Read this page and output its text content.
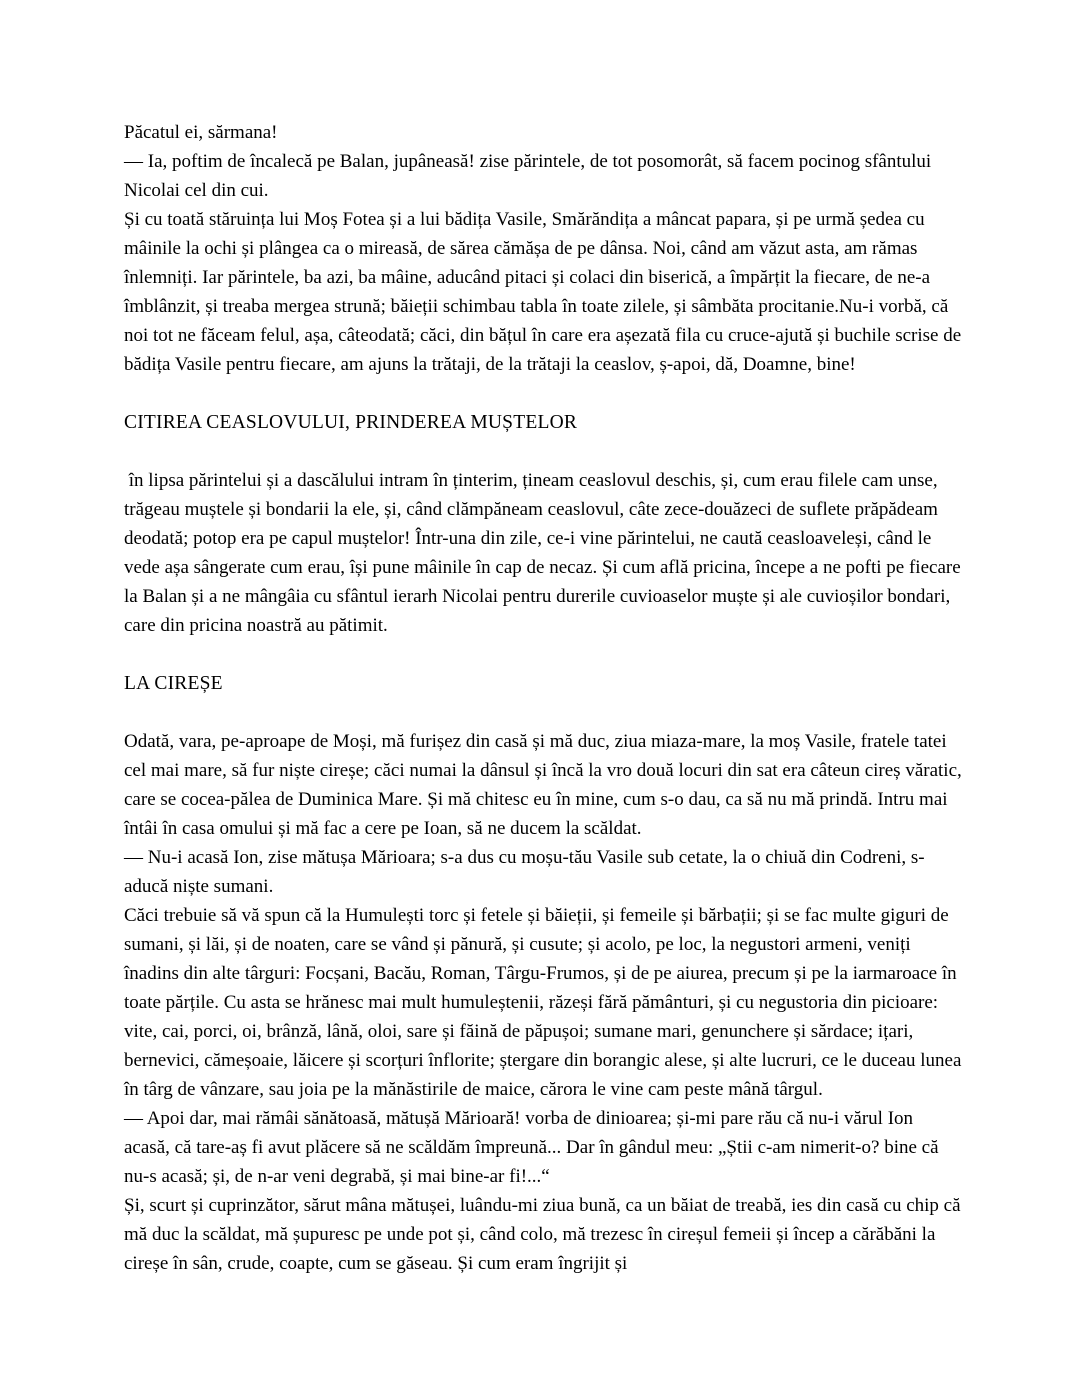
Păcatul ei, sărmana!

— Ia, poftim de încalecă pe Balan, jupâneasă! zise părintele, de tot posomorât, să facem pocinog sfântului Nicolai cel din cui.

Și cu toată stăruința lui Moș Fotea și a lui bădița Vasile, Smărăndița a mâncat papara, și pe urmă ședea cu mâinile la ochi și plângea ca o mireasă, de sărea cămășa de pe dânsa. Noi, când am văzut asta, am rămas înlemniți. Iar părintele, ba azi, ba mâine, aducând pitaci și colaci din biserică, a împărțit la fiecare, de ne-a îmblânzit, și treaba mergea strună; băieții schimbau tabla în toate zilele, și sâmbăta procitanie.Nu-i vorbă, că noi tot ne făceam felul, așa, câteodată; căci, din bățul în care era așezată fila cu cruce-ajută și buchile scrise de bădița Vasile pentru fiecare, am ajuns la trătaji, de la trătaji la ceaslov, ș-apoi, dă, Doamne, bine!

CITIREA CEASLOVULUI, PRINDEREA MUȘTELOR

în lipsa părintelui și a dascălului intram în ținterim, țineam ceaslovul deschis, și, cum erau filele cam unse, trăgeau muștele și bondarii la ele, și, când clămpăneam ceaslovul, câte zece-douăzeci de suflete prăpădeam deodată; potop era pe capul muștelor! Într-una din zile, ce-i vine părintelui, ne caută ceasloaveleși, când le vede așa sângerate cum erau, își pune mâinile în cap de necaz. Și cum află pricina, începe a ne pofti pe fiecare la Balan și a ne mângâia cu sfântul ierarh Nicolai pentru durerile cuvioaselor muște și ale cuvioșilor bondari, care din pricina noastră au pătimit.

LA CIREȘE

Odată, vara, pe-aproape de Moși, mă furișez din casă și mă duc, ziua miaza-mare, la moș Vasile, fratele tatei cel mai mare, să fur niște cireșe; căci numai la dânsul și încă la vro două locuri din sat era câteun cireș văratic, care se cocea-pălea de Duminica Mare. Și mă chitesc eu în mine, cum s-o dau, ca să nu mă prindă. Intru mai întâi în casa omului și mă fac a cere pe Ioan, să ne ducem la scăldat.

— Nu-i acasă Ion, zise mătușa Mărioara; s-a dus cu moșu-tău Vasile sub cetate, la o chiuă din Codreni, s-aducă niște sumani.

Căci trebuie să vă spun că la Humulești torc și fetele și băieții, și femeile și bărbații; și se fac multe giguri de sumani, și lăi, și de noaten, care se vând și pănură, și cusute; și acolo, pe loc, la negustori armeni, veniți înadins din alte târguri: Focșani, Bacău, Roman, Târgu-Frumos, și de pe aiurea, precum și pe la iarmaroace în toate părțile. Cu asta se hrănesc mai mult humuleștenii, răzeși fără pământuri, și cu negustoria din picioare: vite, cai, porci, oi, brânză, lână, oloi, sare și făină de păpușoi; sumane mari, genunchere și sărdace; ițari, bernevici, cămeșoaie, lăicere și scorțuri înflorite; ștergare din borangic alese, și alte lucruri, ce le duceau lunea în târg de vânzare, sau joia pe la mănăstirile de maice, cărora le vine cam peste mână târgul.

— Apoi dar, mai rămâi sănătoasă, mătușă Mărioară! vorba de dinioarea; și-mi pare rău că nu-i vărul Ion acasă, că tare-aș fi avut plăcere să ne scăldăm împreună... Dar în gândul meu: „Știi c-am nimerit-o? bine că nu-s acasă; și, de n-ar veni degrabă, și mai bine-ar fi!...“

Și, scurt și cuprinzător, sărut mâna mătușei, luându-mi ziua bună, ca un băiat de treabă, ies din casă cu chip că mă duc la scăldat, mă șupuresc pe unde pot și, când colo, mă trezesc în cireșul femeii și încep a cărăbăni la cireșe în sân, crude, coapte, cum se găseau. Și cum eram îngrijit și
